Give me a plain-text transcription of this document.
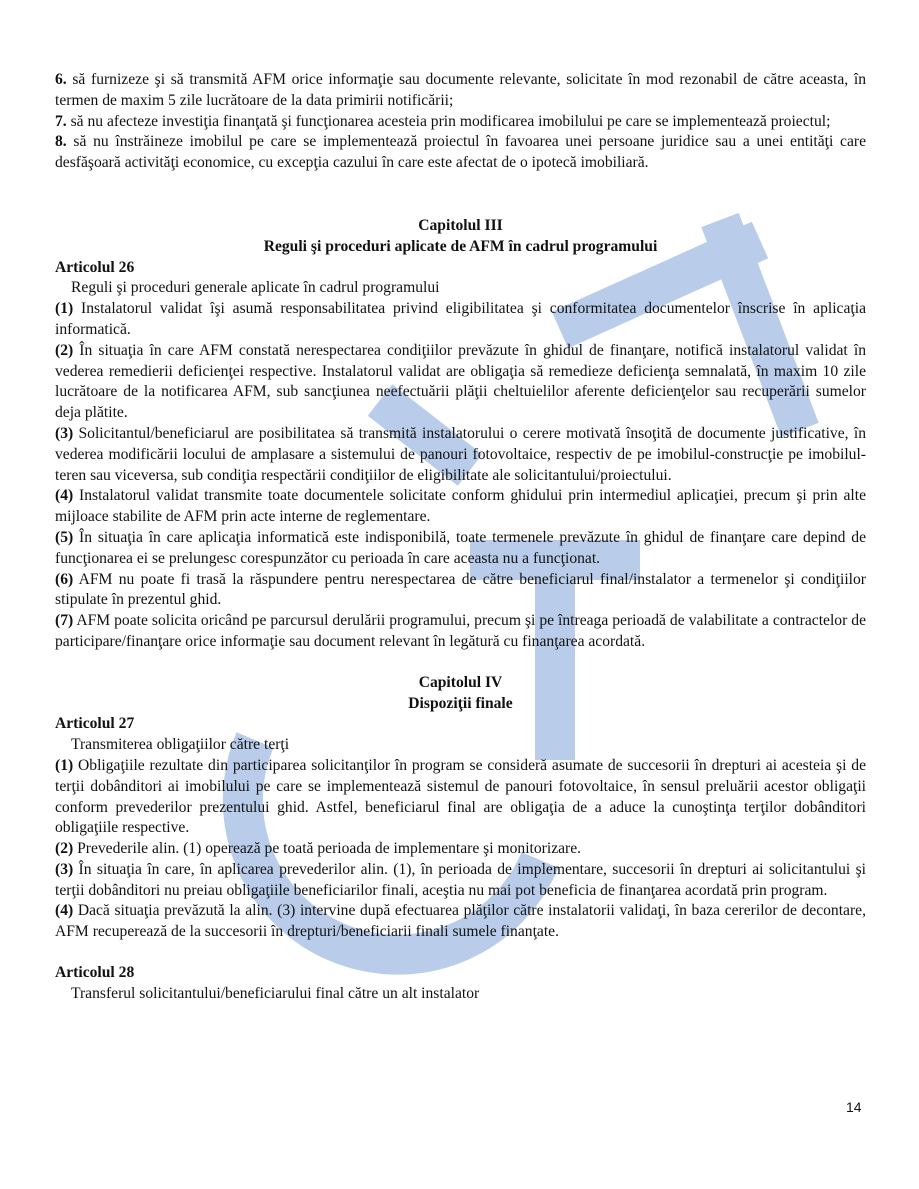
6. să furnizeze şi să transmită AFM orice informaţie sau documente relevante, solicitate în mod rezonabil de către aceasta, în termen de maxim 5 zile lucrătoare de la data primirii notificării;

7. să nu afecteze investiţia finanţată şi funcţionarea acesteia prin modificarea imobilului pe care se implementează proiectul;

8. să nu înstrăineze imobilul pe care se implementează proiectul în favoarea unei persoane juridice sau a unei entităţi care desfăşoară activităţi economice, cu excepţia cazului în care este afectat de o ipotecă imobiliară.

Capitolul III

Reguli şi proceduri aplicate de AFM în cadrul programului

Articolul 26

Reguli şi proceduri generale aplicate în cadrul programului

(1) Instalatorul validat îşi asumă responsabilitatea privind eligibilitatea şi conformitatea documentelor înscrise în aplicaţia informatică.

(2) În situaţia în care AFM constată nerespectarea condiţiilor prevăzute în ghidul de finanţare, notifică instalatorul validat în vederea remedierii deficienţei respective. Instalatorul validat are obligaţia să remedieze deficienţa semnalată, în maxim 10 zile lucrătoare de la notificarea AFM, sub sancţiunea neefectuării plăţii cheltuielilor aferente deficienţelor sau recuperării sumelor deja plătite.

(3) Solicitantul/beneficiarul are posibilitatea să transmită instalatorului o cerere motivată însoţită de documente justificative, în vederea modificării locului de amplasare a sistemului de panouri fotovoltaice, respectiv de pe imobilul-construcţie pe imobilul-teren sau viceversa, sub condiţia respectării condiţiilor de eligibilitate ale solicitantului/proiectului.

(4) Instalatorul validat transmite toate documentele solicitate conform ghidului prin intermediul aplicaţiei, precum şi prin alte mijloace stabilite de AFM prin acte interne de reglementare.

(5) În situaţia în care aplicaţia informatică este indisponibilă, toate termenele prevăzute în ghidul de finanţare care depind de funcţionarea ei se prelungesc corespunzător cu perioada în care aceasta nu a funcţionat.

(6) AFM nu poate fi trasă la răspundere pentru nerespectarea de către beneficiarul final/instalator a termenelor şi condiţiilor stipulate în prezentul ghid.

(7) AFM poate solicita oricând pe parcursul derulării programului, precum şi pe întreaga perioadă de valabilitate a contractelor de participare/finanţare orice informaţie sau document relevant în legătură cu finanţarea acordată.

Capitolul IV

Dispoziţii finale

Articolul 27

Transmiterea obligaţiilor către terţi

(1) Obligaţiile rezultate din participarea solicitanţilor în program se consideră asumate de succesorii în drepturi ai acesteia şi de terţii dobânditori ai imobilului pe care se implementează sistemul de panouri fotovoltaice, în sensul preluării acestor obligaţii conform prevederilor prezentului ghid. Astfel, beneficiarul final are obligaţia de a aduce la cunoştinţa terţilor dobânditori obligaţiile respective.

(2) Prevederile alin. (1) operează pe toată perioada de implementare şi monitorizare.

(3) În situaţia în care, în aplicarea prevederilor alin. (1), în perioada de implementare, succesorii în drepturi ai solicitantului şi terţii dobânditori nu preiau obligaţiile beneficiarilor finali, aceştia nu mai pot beneficia de finanţarea acordată prin program.

(4) Dacă situaţia prevăzută la alin. (3) intervine după efectuarea plăţilor către instalatorii validaţi, în baza cererilor de decontare, AFM recuperează de la succesorii în drepturi/beneficiarii finali sumele finanţate.

Articolul 28

Transferul solicitantului/beneficiarului final către un alt instalator

14
